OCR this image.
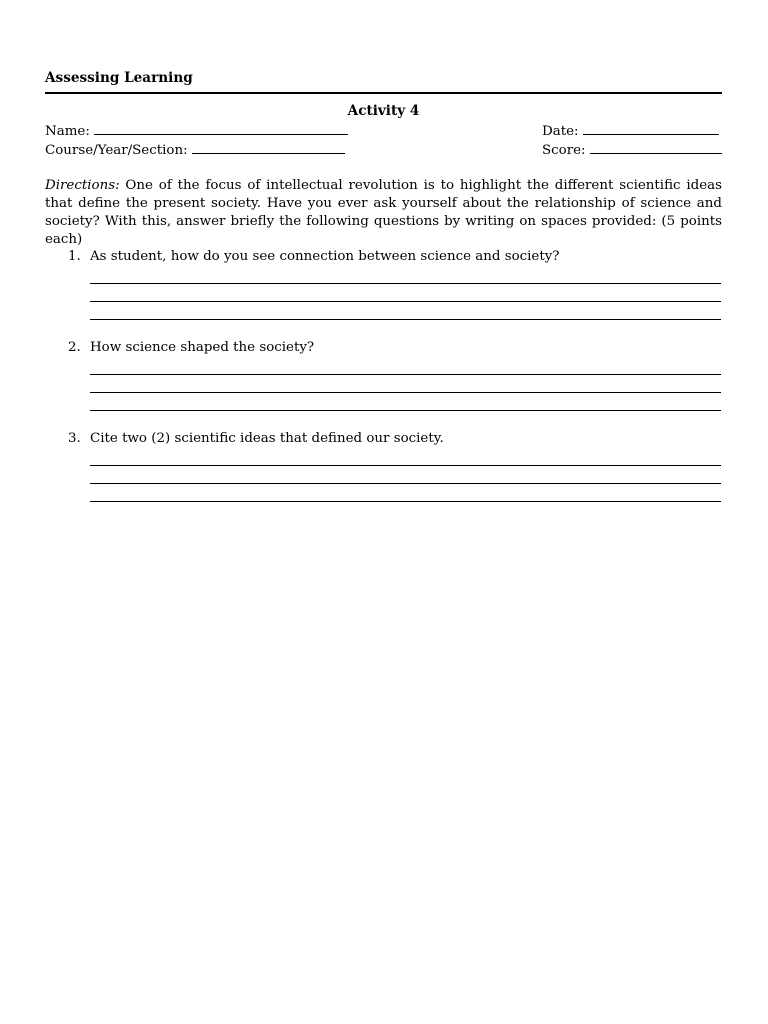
Assessing Learning
Activity 4
Name:
Course/Year/Section:
Date:
Score:
Directions: One of the focus of intellectual revolution is to highlight the different scientific ideas that define the present society. Have you ever ask yourself about the relationship of science and society? With this, answer briefly the following questions by writing on spaces provided: (5 points each)
1. As student, how do you see connection between science and society?
2. How science shaped the society?
3. Cite two (2) scientific ideas that defined our society.
